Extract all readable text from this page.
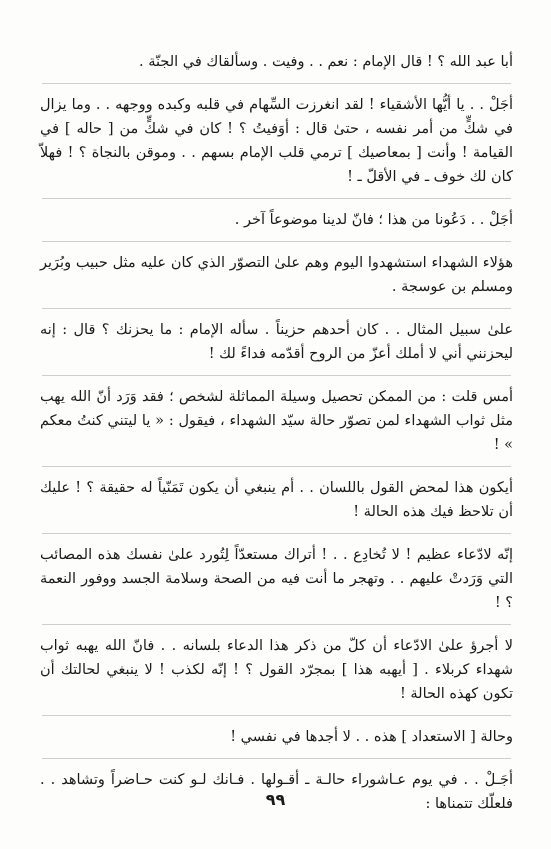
أبا عبد الله ؟ ! قال الإمام : نعم . . وفيت . وسألقاك في الجنّة .

أجَلْ . . يا أيُّها الأشقياء ! لقد انغرزت السِّهام في قلبه وكبده ووجهه . . وما يزال في شكٍّ من أمر نفسه ، حتىٰ قال : أوَفيتُ ؟ ! كان في شكٍّ من [ حاله ] في القيامة ! وأنت [ بمعاصيك ] ترمي قلب الإمام بسهم . . وموقن بالنجاة ؟ ! فهلاّ كان لك خوف ـ في الأقلّ ـ !

أجَلْ . . دَعُونا من هذا ؛ فانّ لدينا موضوعاً آخر .

هؤلاء الشهداء استشهدوا اليوم وهم علىٰ التصوّر الذي كان عليه مثل حبيب وبُرَير ومسلم بن عوسجة .

علىٰ سبيل المثال . . كان أحدهم حزيناً . سأله الإمام : ما يحزنك ؟ قال : إنه ليحزنني أني لا أملك أعزّ من الروح أقدّمه فداءً لك !

أمس قلت : من الممكن تحصيل وسيلة المماثلة لشخص ؛ فقد وَرَد أنّ الله يهب مثل ثواب الشهداء لمن تصوّر حالة سيّد الشهداء ، فيقول : « يا ليتني كنتُ معكم » !

أيكون هذا لمحض القول باللسان . . أم ينبغي أن يكون تَمَنّياً له حقيقة ؟ ! عليك أن تلاحظ فيك هذه الحالة !

إنّه لادّعاء عظيم ! لا تُخادِع . . ! أتراك مستعدّاً لِتُورد علىٰ نفسك هذه المصائب التي وَرَدتْ عليهم . . وتهجر ما أنت فيه من الصحة وسلامة الجسد ووفور النعمة ؟ !

لا أجرؤ علىٰ الادّعاء أن كلّ من ذكر هذا الدعاء بلسانه . . فانّ الله يهبه ثواب شهداء كربلاء . [ أيهبه هذا ] بمجرّد القول ؟ ! إنّه لكذب ! لا ينبغي لحالتك أن تكون كهذه الحالة !

وحالة [ الاستعداد ] هذه . . لا أجدها في نفسي !

أجَـلْ . . في يوم عـاشوراء حالـة ـ أقـولها . فـانك لـو كنت حـاضراً وتشاهد . . فلعلّك تتمناها :

٩٩
